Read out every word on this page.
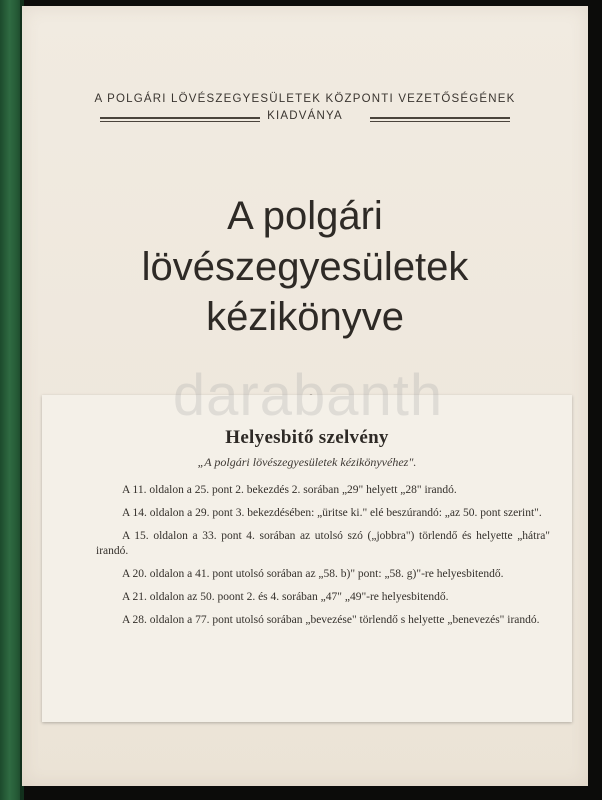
A POLGÁRI LÖVÉSZEGYESÜLETEK KÖZPONTI VEZETŐSÉGÉNEK
KIADVÁNYA
A polgári
lövészegyesületek
kézikönyve
Helyesbitő szelvény
„A polgári lövészegyesületek kézikönyvéhez".

A 11. oldalon a 25. pont 2. bekezdés 2. sorában „29" helyett „28" irandó.

A 14. oldalon a 29. pont 3. bekezdésében: „üritse ki." elé beszúrandó: „az 50. pont szerint".

A 15. oldalon a 33. pont 4. sorában az utolsó szó („jobbra") törlendő és helyette „hátra" irandó.

A 20. oldalon a 41. pont utolsó sorában az „58. b)" pont: „58. g)"-re helyesbitendő.

A 21. oldalon az 50. poont 2. és 4. sorában „47" „49"-re helyesbitendő.

A 28. oldalon a 77. pont utolsó sorában „bevezése" törlendő s helyette „benevezés" irandó.

darabanth
